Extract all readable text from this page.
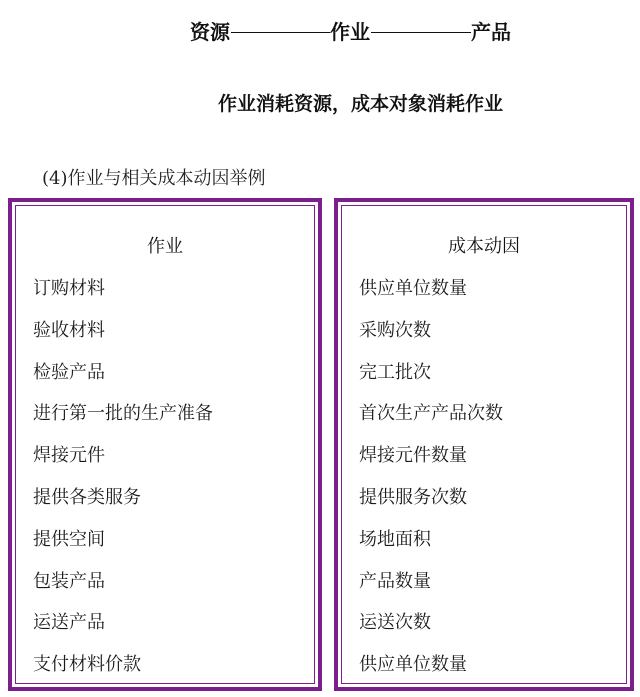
资源	作业	产品
作业消耗资源，成本对象消耗作业
(4)作业与相关成本动因举例
作业
订购材料
验收材料
检验产品
进行第一批的生产准备
焊接元件
提供各类服务
提供空间
包装产品
运送产品
支付材料价款
成本动因
供应单位数量
采购次数
完工批次
首次生产产品次数
焊接元件数量
提供服务次数
场地面积
产品数量
运送次数
供应单位数量
